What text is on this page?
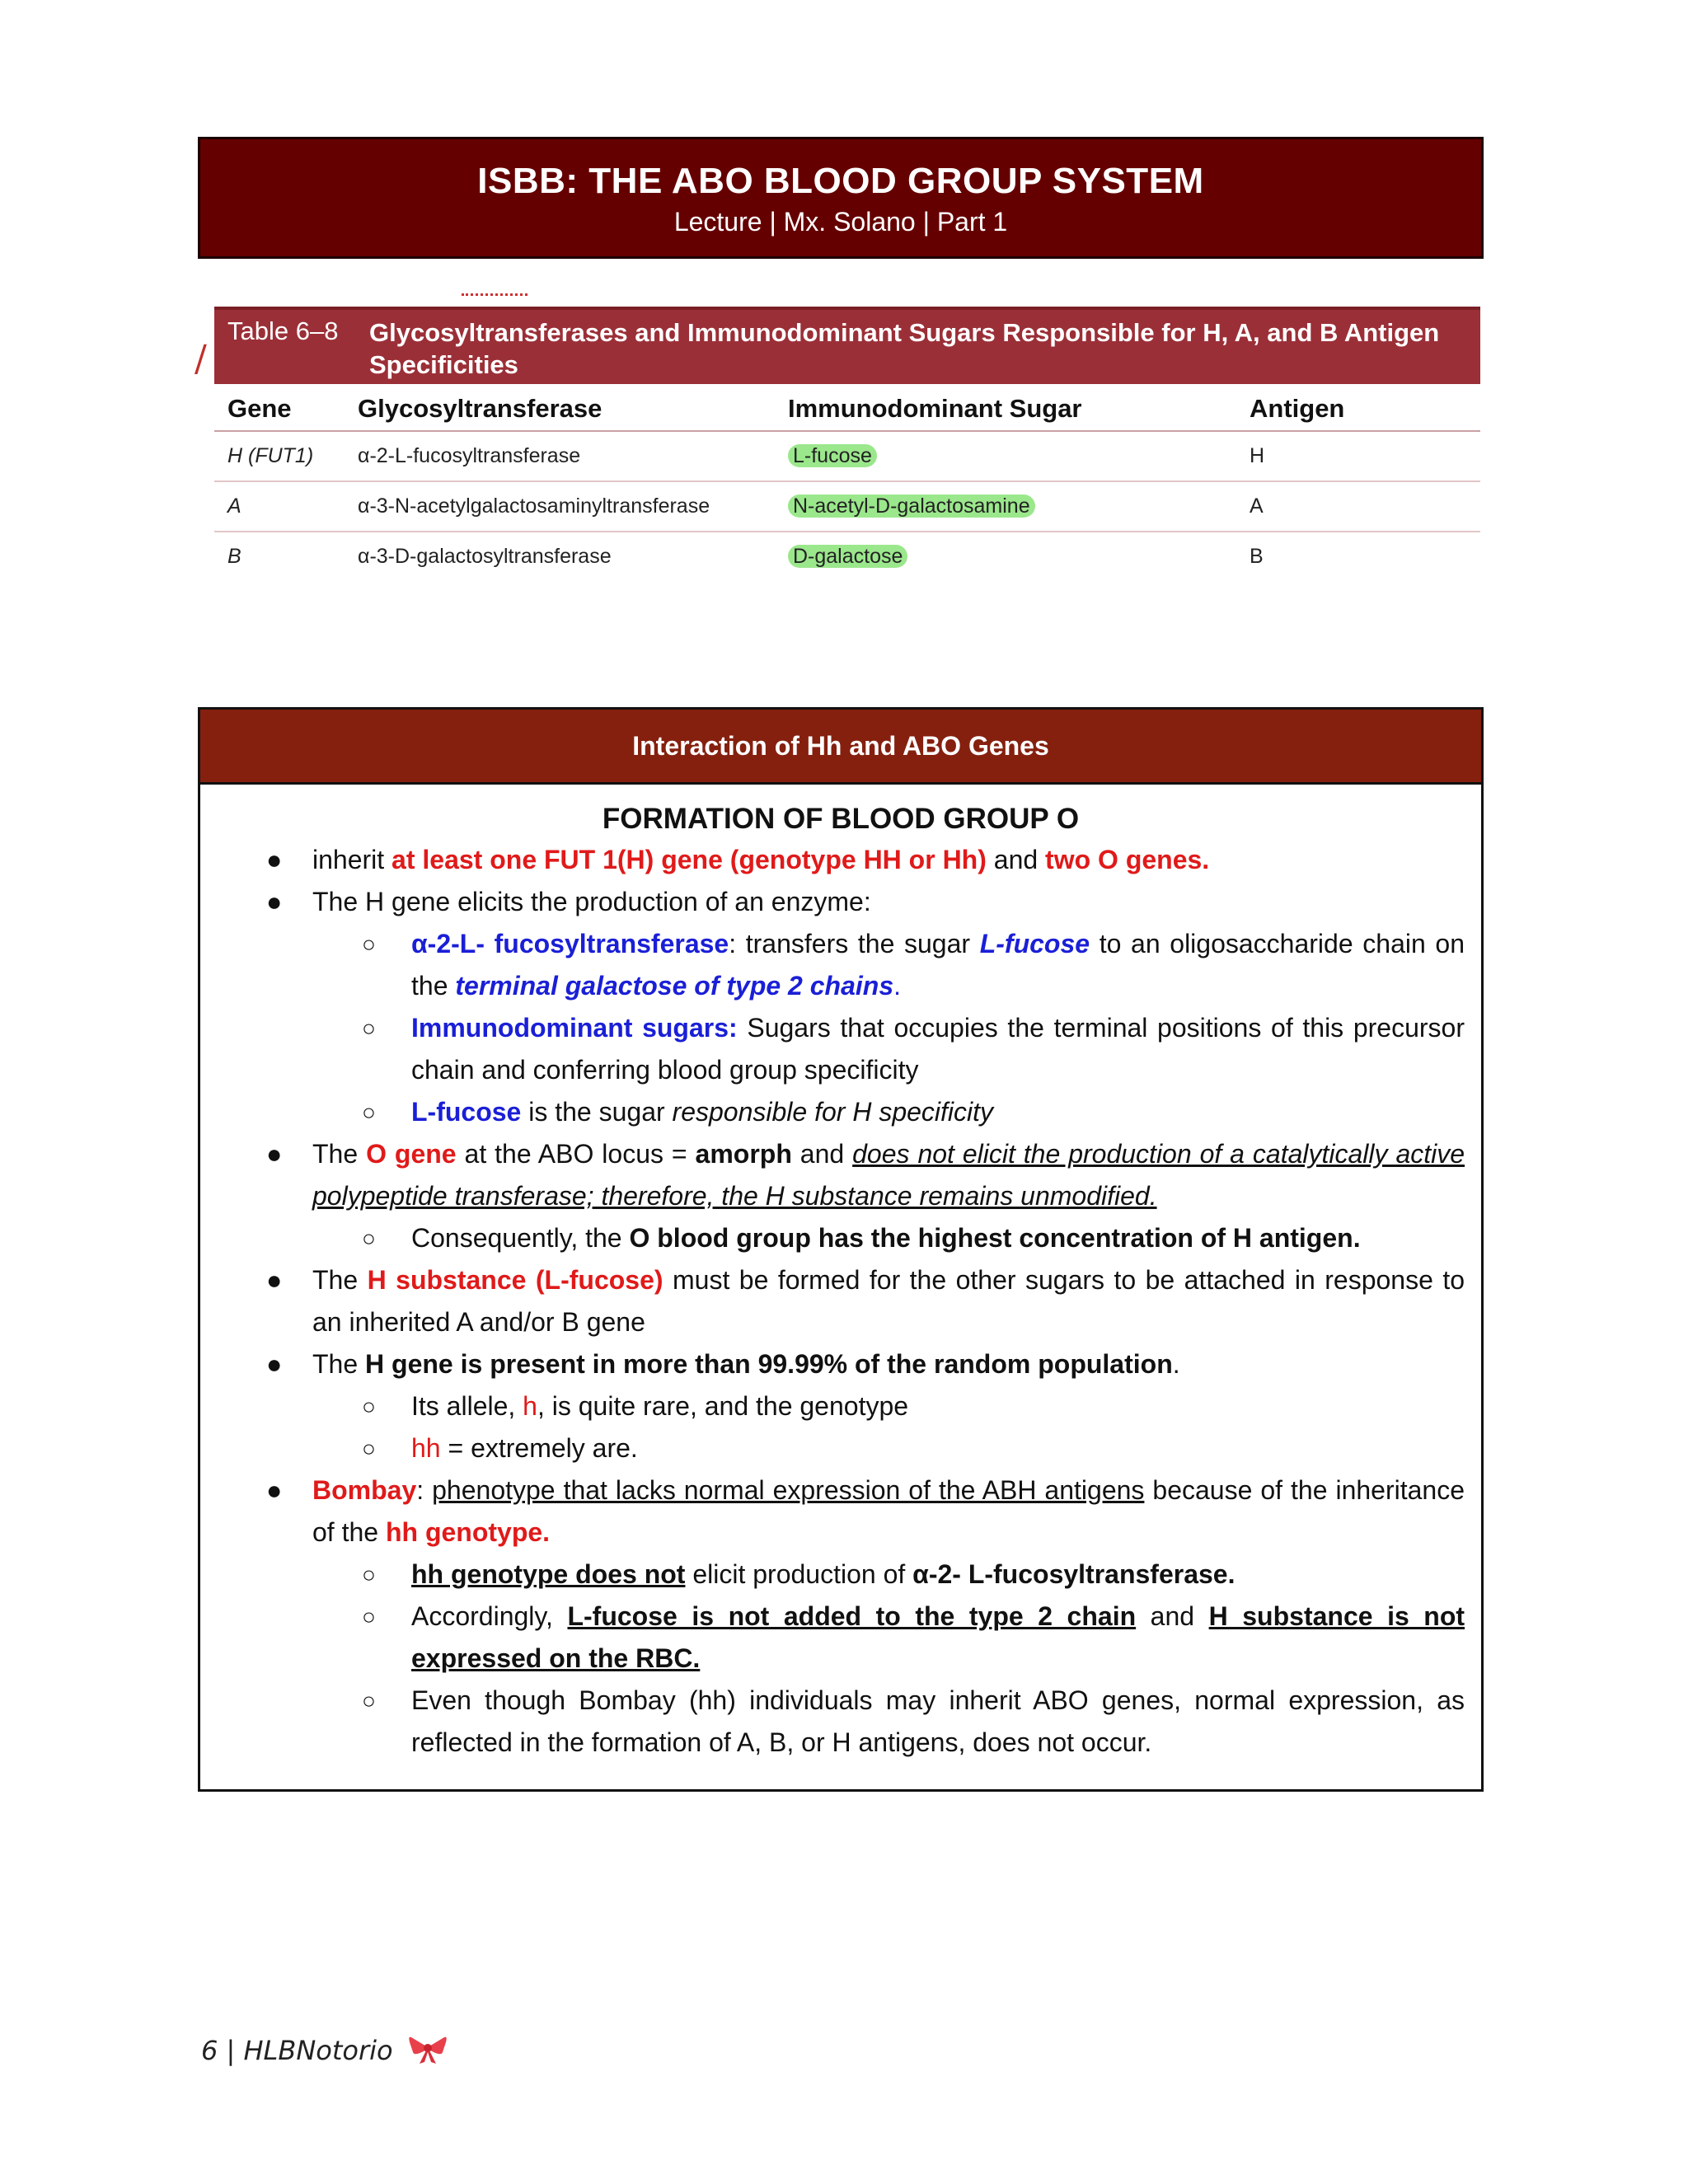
ISBB: THE ABO BLOOD GROUP SYSTEM
Lecture | Mx. Solano | Part 1
Table 6–8 Glycosyltransferases and Immunodominant Sugars Responsible for H, A, and B Antigen Specificities
/
Gene	Glycosyltransferase	Immunodominant Sugar	Antigen
H (FUT1)	α-2-L-fucosyltransferase	L-fucose	H
A	α-3-N-acetylgalactosaminyltransferase	N-acetyl-D-galactosamine	A
B	α-3-D-galactosyltransferase	D-galactose	B
Interaction of Hh and ABO Genes
FORMATION OF BLOOD GROUP O
● inherit at least one FUT 1(H) gene (genotype HH or Hh) and two O genes.
● The H gene elicits the production of an enzyme:
○ α-2-L- fucosyltransferase: transfers the sugar L-fucose to an oligosaccharide chain on the terminal galactose of type 2 chains.
○ Immunodominant sugars: Sugars that occupies the terminal positions of this precursor chain and conferring blood group specificity
○ L-fucose is the sugar responsible for H specificity
● The O gene at the ABO locus = amorph and does not elicit the production of a catalytically active polypeptide transferase; therefore, the H substance remains unmodified.
○ Consequently, the O blood group has the highest concentration of H antigen.
● The H substance (L-fucose) must be formed for the other sugars to be attached in response to an inherited A and/or B gene
● The H gene is present in more than 99.99% of the random population.
○ Its allele, h, is quite rare, and the genotype
○ hh = extremely are.
● Bombay: phenotype that lacks normal expression of the ABH antigens because of the inheritance of the hh genotype.
○ hh genotype does not elicit production of α-2- L-fucosyltransferase.
○ Accordingly, L-fucose is not added to the type 2 chain and H substance is not expressed on the RBC.
○ Even though Bombay (hh) individuals may inherit ABO genes, normal expression, as reflected in the formation of A, B, or H antigens, does not occur.
6 | HLBNotorio
